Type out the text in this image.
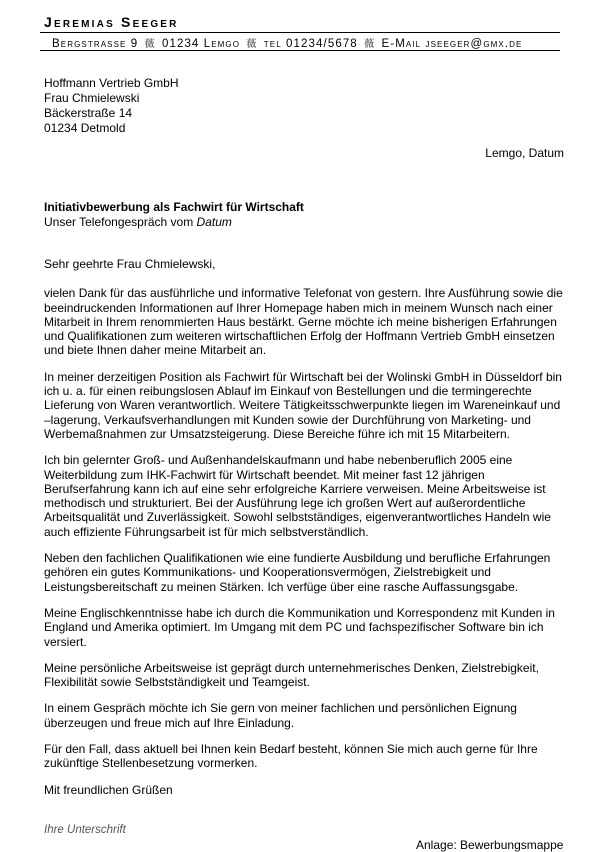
Jeremias Seeger
Bergstrasse 9 薇 01234 Lemgo 薇 tel 01234/5678 薇 E-Mail jseeger@gmx.de
Hoffmann Vertrieb GmbH
Frau Chmielewski
Bäckerstraße 14
01234 Detmold
Lemgo, Datum
Initiativbewerbung als Fachwirt für Wirtschaft
Unser Telefongespräch vom Datum

Sehr geehrte Frau Chmielewski,

vielen Dank für das ausführliche und informative Telefonat von gestern. Ihre Ausführung sowie die beeindruckenden Informationen auf Ihrer Homepage haben mich in meinem Wunsch nach einer Mitarbeit in Ihrem renommierten Haus bestärkt. Gerne möchte ich meine bisherigen Erfahrungen und Qualifikationen zum weiteren wirtschaftlichen Erfolg der Hoffmann Vertrieb GmbH einsetzen und biete Ihnen daher meine Mitarbeit an.

In meiner derzeitigen Position als Fachwirt für Wirtschaft bei der Wolinski GmbH in Düsseldorf bin ich u. a. für einen reibungslosen Ablauf im Einkauf von Bestellungen und die termingerechte Lieferung von Waren verantwortlich. Weitere Tätigkeitsschwerpunkte liegen im Wareneinkauf und –lagerung, Verkaufsverhandlungen mit Kunden sowie der Durchführung von Marketing- und Werbemaßnahmen zur Umsatzsteigerung. Diese Bereiche führe ich mit 15 Mitarbeitern.

Ich bin gelernter Groß- und Außenhandelskaufmann und habe nebenberuflich 2005 eine Weiterbildung zum IHK-Fachwirt für Wirtschaft beendet. Mit meiner fast 12 jährigen Berufserfahrung kann ich auf eine sehr erfolgreiche Karriere verweisen. Meine Arbeitsweise ist methodisch und strukturiert. Bei der Ausführung lege ich großen Wert auf außerordentliche Arbeitsqualität und Zuverlässigkeit. Sowohl selbstständiges, eigenverantwortliches Handeln wie auch effiziente Führungsarbeit ist für mich selbstverständlich.

Neben den fachlichen Qualifikationen wie eine fundierte Ausbildung und berufliche Erfahrungen gehören ein gutes Kommunikations- und Kooperationsvermögen, Zielstrebigkeit und Leistungsbereitschaft zu meinen Stärken. Ich verfüge über eine rasche Auffassungsgabe.

Meine Englischkenntnisse habe ich durch die Kommunikation und Korrespondenz mit Kunden in England und Amerika optimiert. Im Umgang mit dem PC und fachspezifischer Software bin ich versiert.

Meine persönliche Arbeitsweise ist geprägt durch unternehmerisches Denken, Zielstrebigkeit, Flexibilität sowie Selbstständigkeit und Teamgeist.

In einem Gespräch möchte ich Sie gern von meiner fachlichen und persönlichen Eignung überzeugen und freue mich auf Ihre Einladung.

Für den Fall, dass aktuell bei Ihnen kein Bedarf besteht, können Sie mich auch gerne für Ihre zukünftige Stellenbesetzung vormerken.

Mit freundlichen Grüßen

Ihre Unterschrift
Anlage: Bewerbungsmappe
